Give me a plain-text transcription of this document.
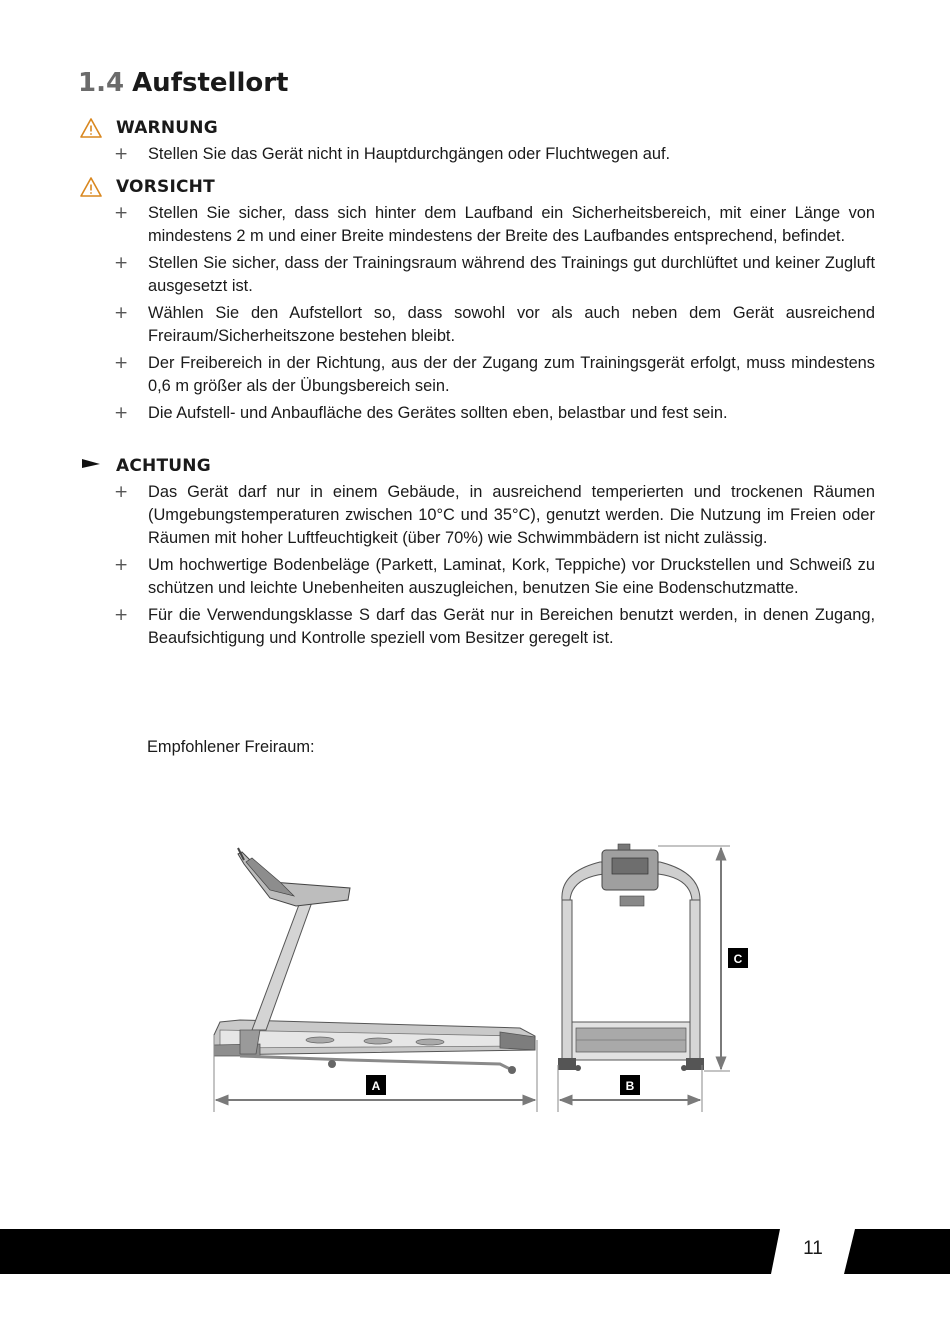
1.4 Aufstellort
WARNUNG
+ Stellen Sie das Gerät nicht in Hauptdurchgängen oder Fluchtwegen auf.
VORSICHT
+ Stellen Sie sicher, dass sich hinter dem Laufband ein Sicherheitsbereich, mit einer Länge von mindestens 2 m und einer Breite mindestens der Breite des Laufbandes entsprechend, befindet.
+ Stellen Sie sicher, dass der Trainingsraum während des Trainings gut durchlüftet und keiner Zugluft ausgesetzt ist.
+ Wählen Sie den Aufstellort so, dass sowohl vor als auch neben dem Gerät ausreichend Freiraum/Sicherheitszone bestehen bleibt.
+ Der Freibereich in der Richtung, aus der der Zugang zum Trainingsgerät erfolgt, muss mindestens 0,6 m größer als der Übungsbereich sein.
+ Die Aufstell- und Anbaufläche des Gerätes sollten eben, belastbar und fest sein.
ACHTUNG
+ Das Gerät darf nur in einem Gebäude, in ausreichend temperierten und trockenen Räumen (Umgebungstemperaturen zwischen 10°C und 35°C), genutzt werden. Die Nutzung im Freien oder Räumen mit hoher Luftfeuchtigkeit (über 70%) wie Schwimmbädern ist nicht zulässig.
+ Um hochwertige Bodenbeläge (Parkett, Laminat, Kork, Teppiche) vor Druckstellen und Schweiß zu schützen und leichte Unebenheiten auszugleichen, benutzen Sie eine Bodenschutzmatte.
+ Für die Verwendungsklasse S darf das Gerät nur in Bereichen benutzt werden, in denen Zugang, Beaufsichtigung und Kontrolle speziell vom Besitzer geregelt ist.
Empfohlener Freiraum:
A	B
C
11
